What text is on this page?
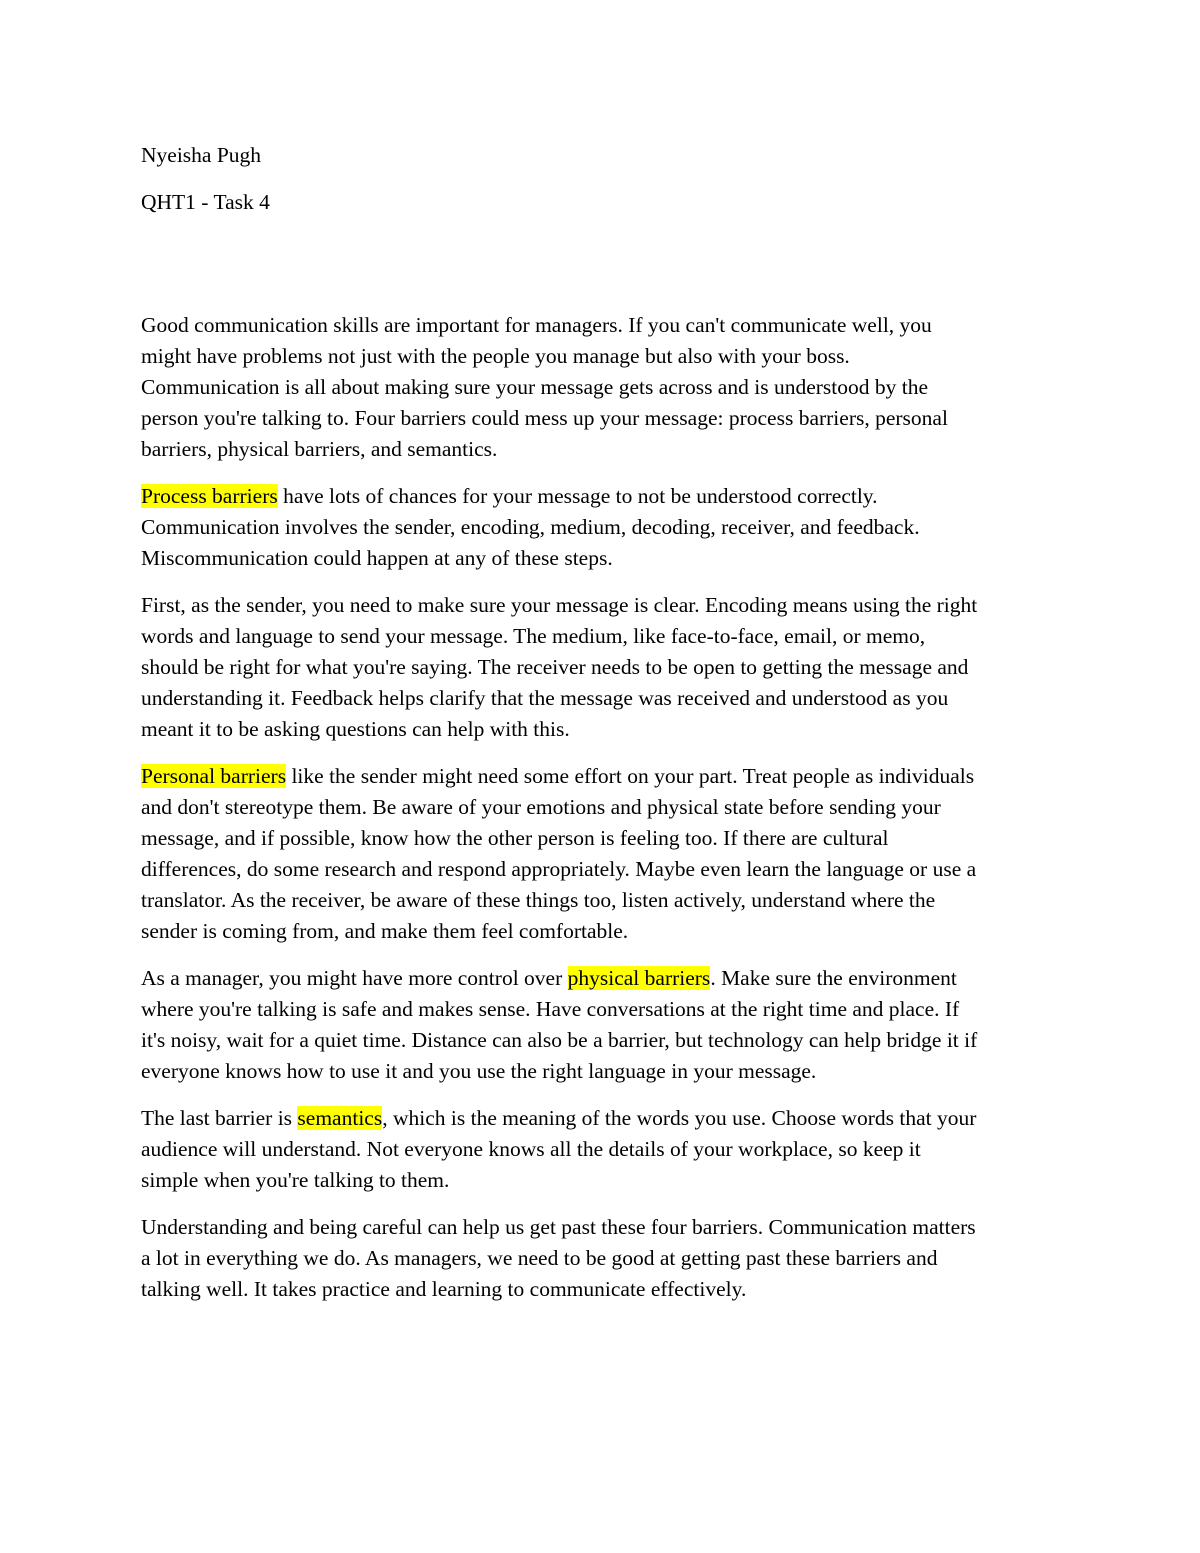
Nyeisha Pugh

QHT1 - Task 4

Good communication skills are important for managers. If you can't communicate well, you
might have problems not just with the people you manage but also with your boss.
Communication is all about making sure your message gets across and is understood by the
person you're talking to. Four barriers could mess up your message: process barriers, personal
barriers, physical barriers, and semantics.

Process barriers have lots of chances for your message to not be understood correctly.
Communication involves the sender, encoding, medium, decoding, receiver, and feedback.
Miscommunication could happen at any of these steps.

First, as the sender, you need to make sure your message is clear. Encoding means using the right
words and language to send your message. The medium, like face-to-face, email, or memo,
should be right for what you're saying. The receiver needs to be open to getting the message and
understanding it. Feedback helps clarify that the message was received and understood as you
meant it to be asking questions can help with this.

Personal barriers like the sender might need some effort on your part. Treat people as individuals
and don't stereotype them. Be aware of your emotions and physical state before sending your
message, and if possible, know how the other person is feeling too. If there are cultural
differences, do some research and respond appropriately. Maybe even learn the language or use a
translator. As the receiver, be aware of these things too, listen actively, understand where the
sender is coming from, and make them feel comfortable.

As a manager, you might have more control over physical barriers. Make sure the environment
where you're talking is safe and makes sense. Have conversations at the right time and place. If
it's noisy, wait for a quiet time. Distance can also be a barrier, but technology can help bridge it if
everyone knows how to use it and you use the right language in your message.

The last barrier is semantics, which is the meaning of the words you use. Choose words that your
audience will understand. Not everyone knows all the details of your workplace, so keep it
simple when you're talking to them.

Understanding and being careful can help us get past these four barriers. Communication matters
a lot in everything we do. As managers, we need to be good at getting past these barriers and
talking well. It takes practice and learning to communicate effectively.
